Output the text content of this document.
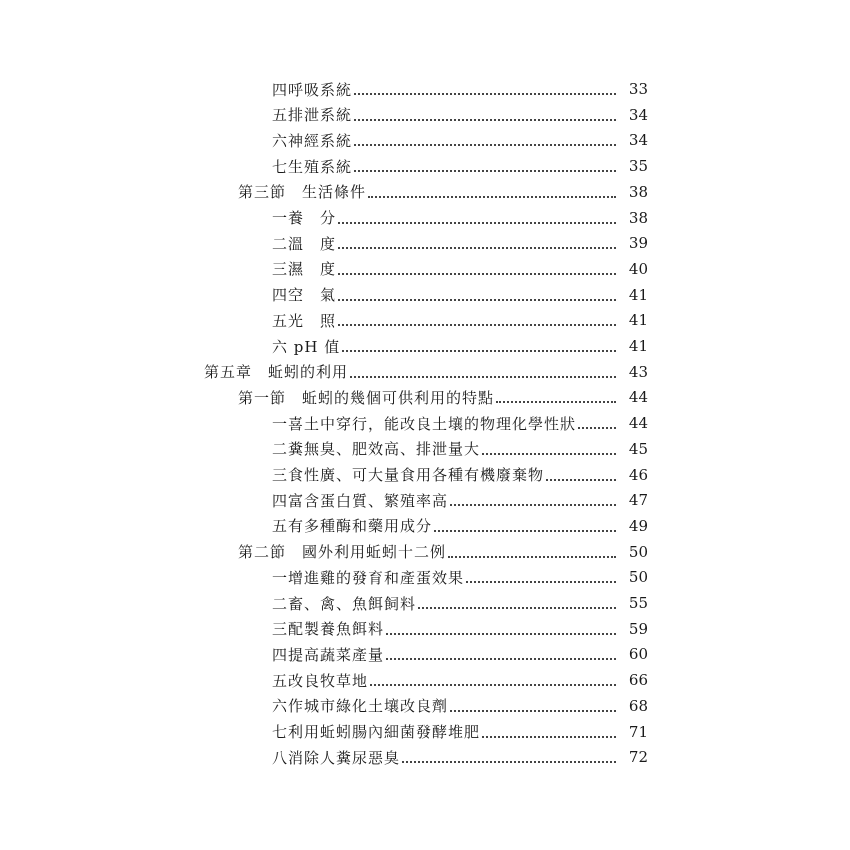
四呼吸系統	33
五排泄系統	34
六神經系統	34
七生殖系統	35
第三節　生活條件	38
一養　分	38
二溫　度	39
三濕　度	40
四空　氣	41
五光　照	41
六 pH 值	41
第五章　蚯蚓的利用	43
第一節　蚯蚓的幾個可供利用的特點	44
一喜土中穿行，能改良土壤的物理化學性狀	44
二糞無臭、肥效高、排泄量大	45
三食性廣、可大量食用各種有機廢棄物	46
四富含蛋白質、繁殖率高	47
五有多種酶和藥用成分	49
第二節　國外利用蚯蚓十二例	50
一增進雞的發育和產蛋效果	50
二畜、禽、魚餌飼料	55
三配製養魚餌料	59
四提高蔬菜產量	60
五改良牧草地	66
六作城市綠化土壤改良劑	68
七利用蚯蚓腸內細菌發酵堆肥	71
八消除人糞尿惡臭	72
